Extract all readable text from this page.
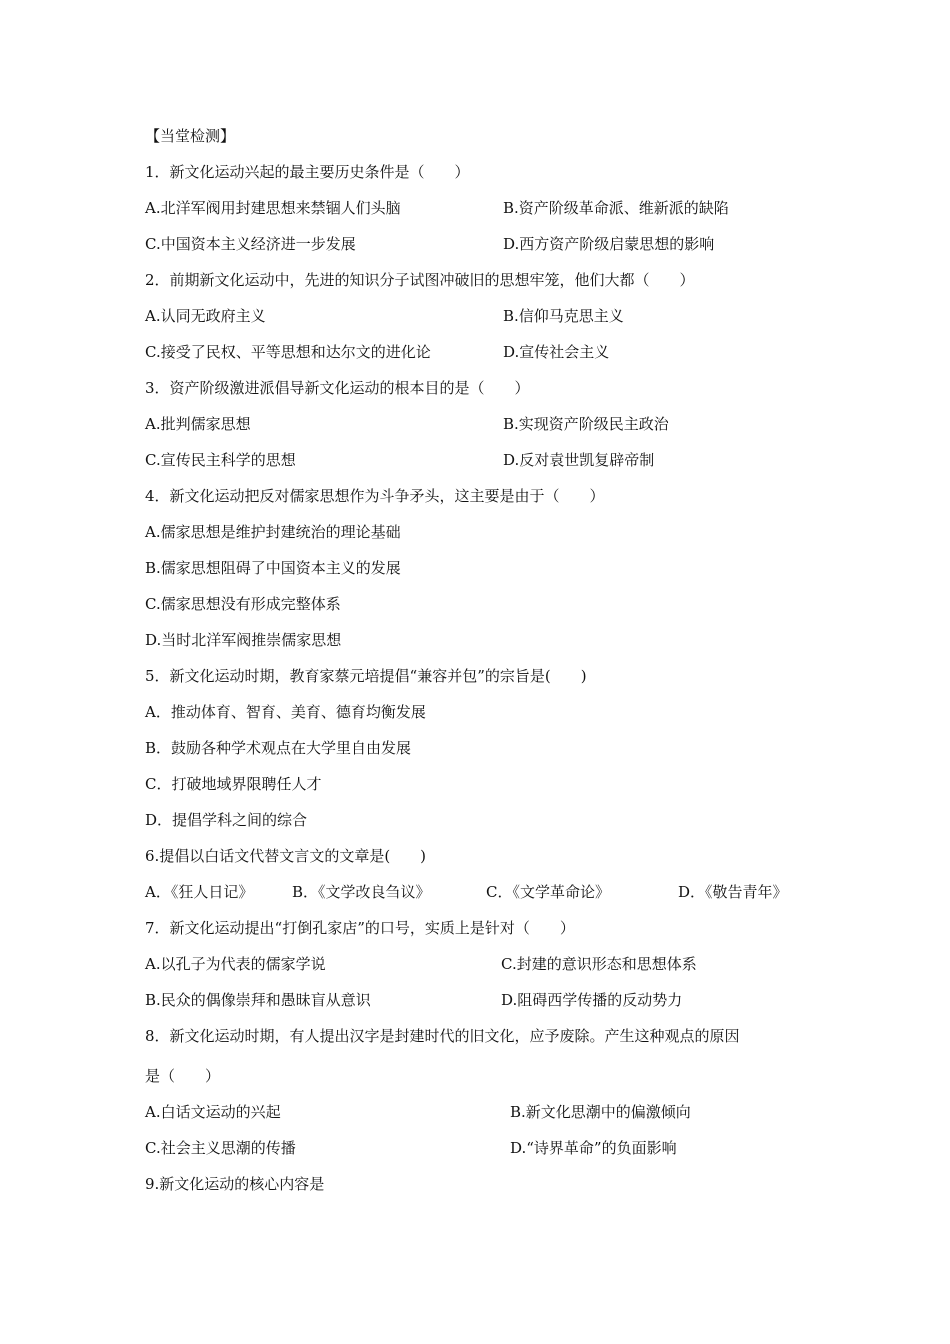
【当堂检测】
1．新文化运动兴起的最主要历史条件是（　　）
A.北洋军阀用封建思想来禁锢人们头脑	B.资产阶级革命派、维新派的缺陷
C.中国资本主义经济进一步发展	D.西方资产阶级启蒙思想的影响
2．前期新文化运动中，先进的知识分子试图冲破旧的思想牢笼，他们大都（　　）
A.认同无政府主义	B.信仰马克思主义
C.接受了民权、平等思想和达尔文的进化论	D.宣传社会主义
3．资产阶级激进派倡导新文化运动的根本目的是（　　）
A.批判儒家思想	B.实现资产阶级民主政治
C.宣传民主科学的思想	D.反对袁世凯复辟帝制
4．新文化运动把反对儒家思想作为斗争矛头，这主要是由于（　　）
A.儒家思想是维护封建统治的理论基础
B.儒家思想阻碍了中国资本主义的发展
C.儒家思想没有形成完整体系
D.当时北洋军阀推崇儒家思想
5．新文化运动时期，教育家蔡元培提倡“兼容并包”的宗旨是(　　)
A．推动体育、智育、美育、德育均衡发展
B．鼓励各种学术观点在大学里自由发展
C．打破地域界限聘任人才
D．提倡学科之间的综合
6.提倡以白话文代替文言文的文章是(　　)
A．《狂人日记》	B．《文学改良刍议》	C．《文学革命论》	D．《敬告青年》
7．新文化运动提出“打倒孔家店”的口号，实质上是针对（　　）
A.以孔子为代表的儒家学说	C.封建的意识形态和思想体系
B.民众的偶像崇拜和愚昧盲从意识	D.阻碍西学传播的反动势力
8．新文化运动时期，有人提出汉字是封建时代的旧文化，应予废除。产生这种观点的原因
是（　　）
A.白话文运动的兴起	B.新文化思潮中的偏激倾向
C.社会主义思潮的传播	D.“诗界革命”的负面影响
9.新文化运动的核心内容是
